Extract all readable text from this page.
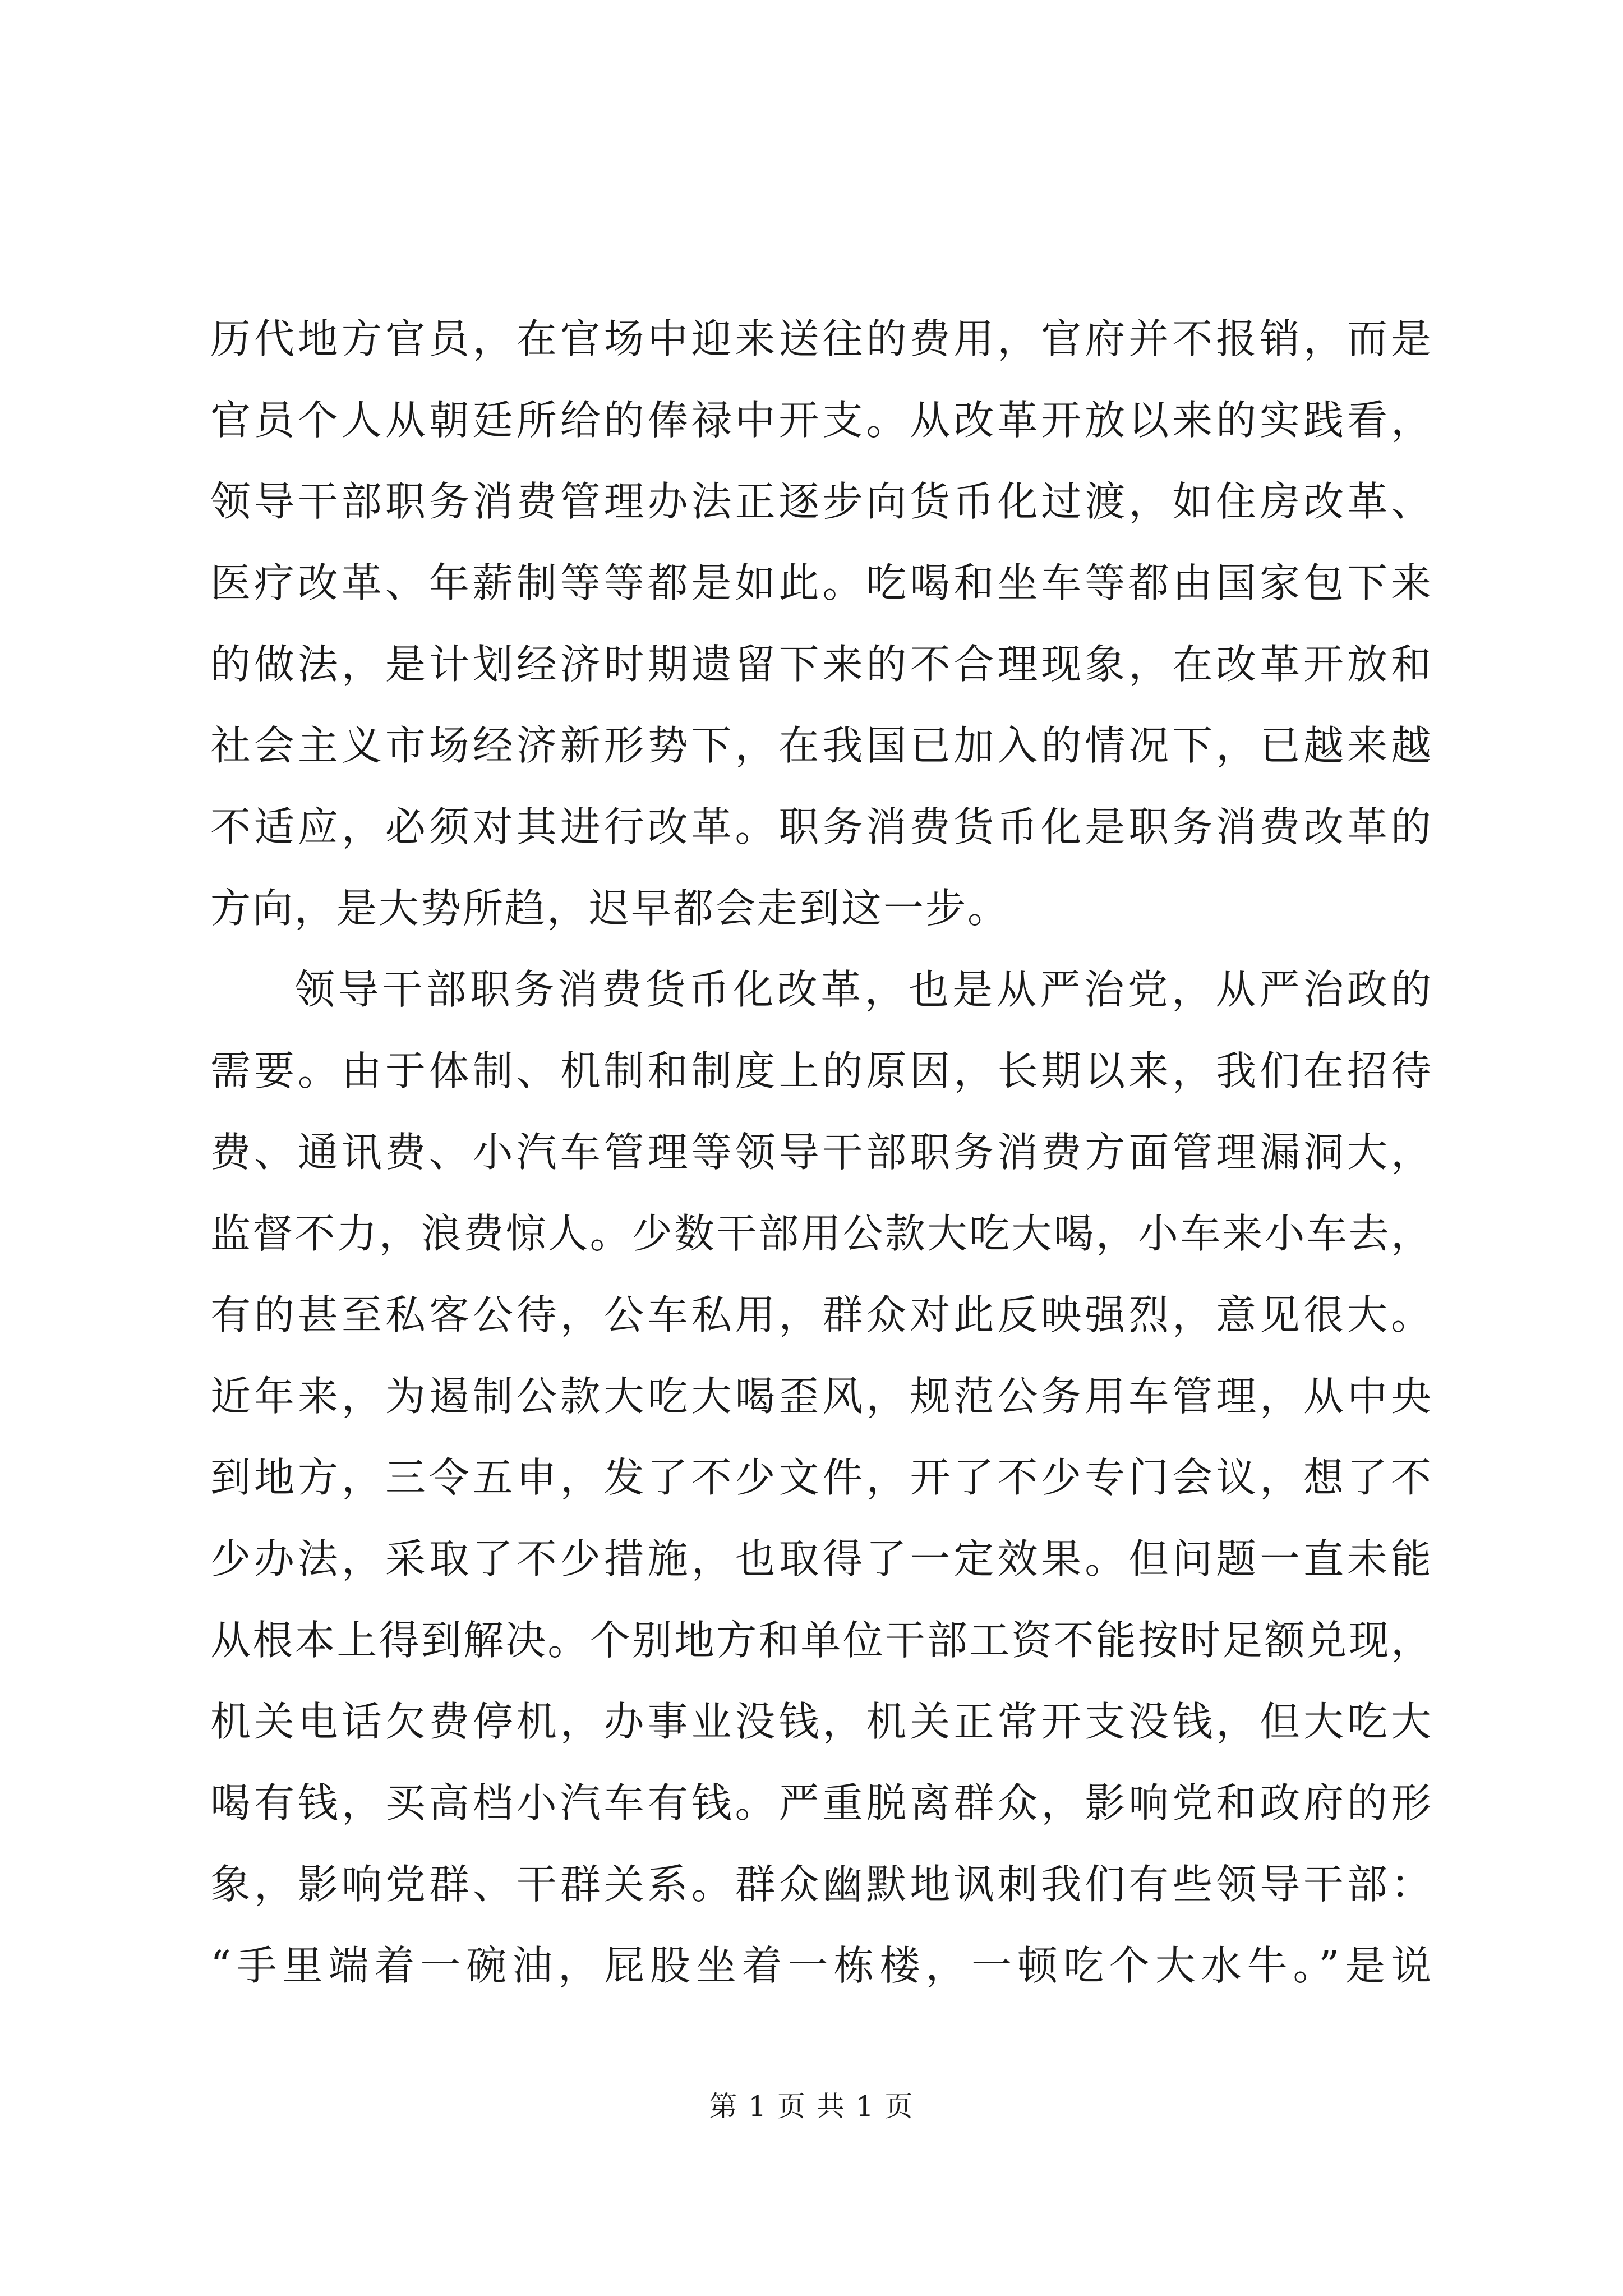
历代地方官员，在官场中迎来送往的费用，官府并不报销，而是
官员个人从朝廷所给的俸禄中开支。从改革开放以来的实践看，
领导干部职务消费管理办法正逐步向货币化过渡，如住房改革、
医疗改革、年薪制等等都是如此。吃喝和坐车等都由国家包下来
的做法，是计划经济时期遗留下来的不合理现象，在改革开放和
社会主义市场经济新形势下，在我国已加入的情况下，已越来越
不适应，必须对其进行改革。职务消费货币化是职务消费改革的
方向，是大势所趋，迟早都会走到这一步。
领导干部职务消费货币化改革，也是从严治党，从严治政的
需要。由于体制、机制和制度上的原因，长期以来，我们在招待
费、通讯费、小汽车管理等领导干部职务消费方面管理漏洞大，
监督不力，浪费惊人。少数干部用公款大吃大喝，小车来小车去，
有的甚至私客公待，公车私用，群众对此反映强烈，意见很大。
近年来，为遏制公款大吃大喝歪风，规范公务用车管理，从中央
到地方，三令五申，发了不少文件，开了不少专门会议，想了不
少办法，采取了不少措施，也取得了一定效果。但问题一直未能
从根本上得到解决。个别地方和单位干部工资不能按时足额兑现，
机关电话欠费停机，办事业没钱，机关正常开支没钱，但大吃大
喝有钱，买高档小汽车有钱。严重脱离群众，影响党和政府的形
象，影响党群、干群关系。群众幽默地讽刺我们有些领导干部：
“手里端着一碗油，屁股坐着一栋楼，一顿吃个大水牛。”是说
第 1 页 共 1 页
